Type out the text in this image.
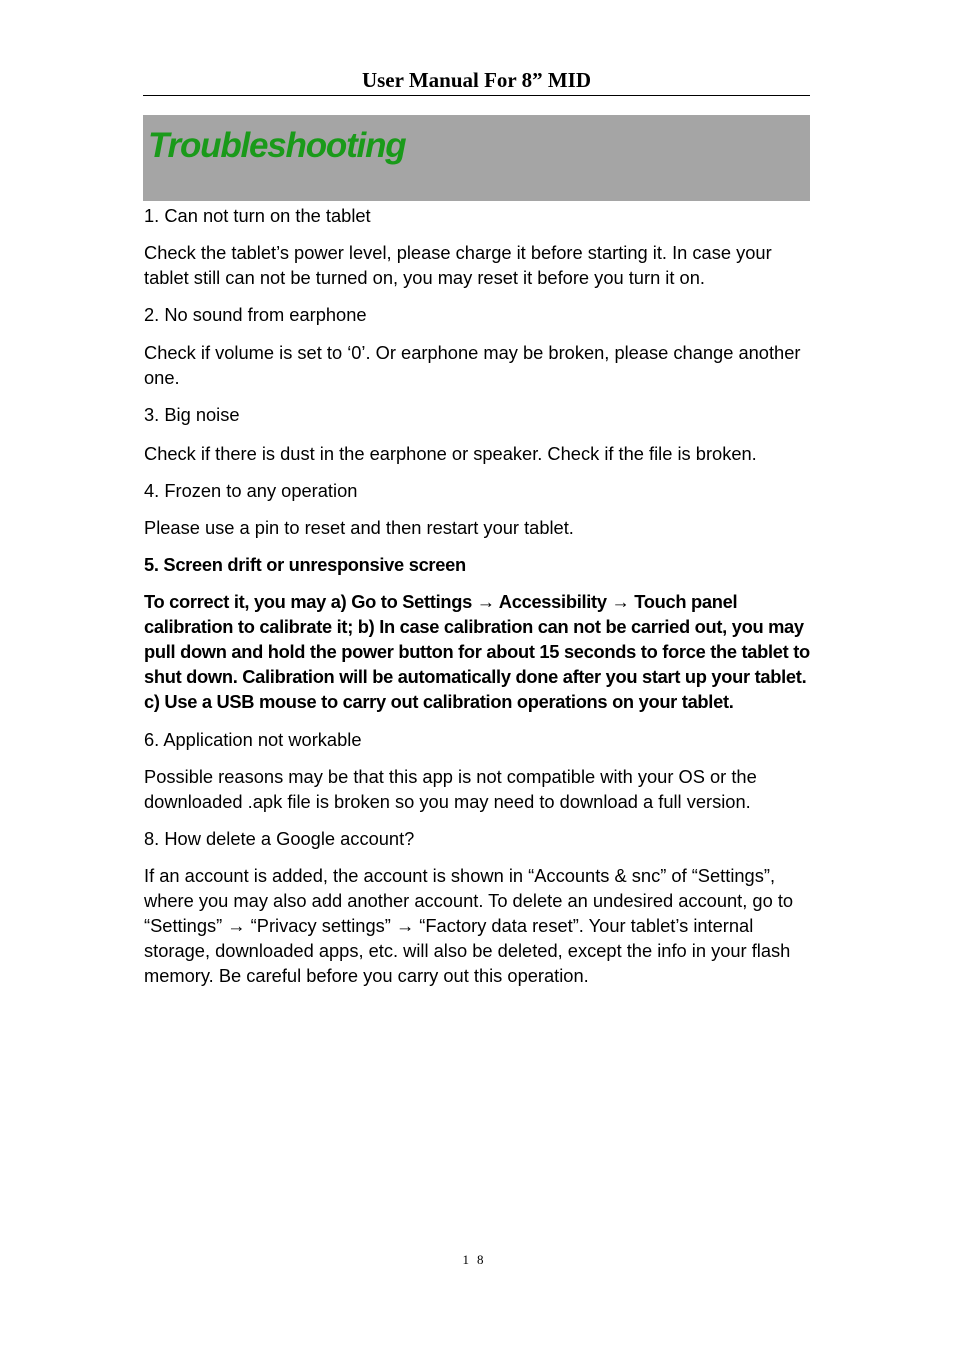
User Manual For 8” MID
Troubleshooting

1. Can not turn on the tablet

Check the tablet’s power level, please charge it before starting it. In case your tablet still can not be turned on, you may reset it before you turn it on.

2. No sound from earphone

Check if volume is set to ‘0’. Or earphone may be broken, please change another one.

3. Big noise

Check if there is dust in the earphone or speaker. Check if the file is broken.

4. Frozen to any operation

Please use a pin to reset and then restart your tablet.

5. Screen drift or unresponsive screen

To correct it, you may a) Go to Settings → Accessibility → Touch panel calibration to calibrate it; b) In case calibration can not be carried out, you may pull down and hold the power button for about 15 seconds to force the tablet to shut down. Calibration will be automatically done after you start up your tablet. c) Use a USB mouse to carry out calibration operations on your tablet.

6. Application not workable

Possible reasons may be that this app is not compatible with your OS or the downloaded .apk file is broken so you may need to download a full version.

8. How delete a Google account?

If an account is added, the account is shown in “Accounts & snc” of “Settings”, where you may also add another account. To delete an undesired account, go to “Settings” → “Privacy settings” → “Factory data reset”. Your tablet’s internal storage, downloaded apps, etc. will also be deleted, except the info in your flash memory. Be careful before you carry out this operation.

18
